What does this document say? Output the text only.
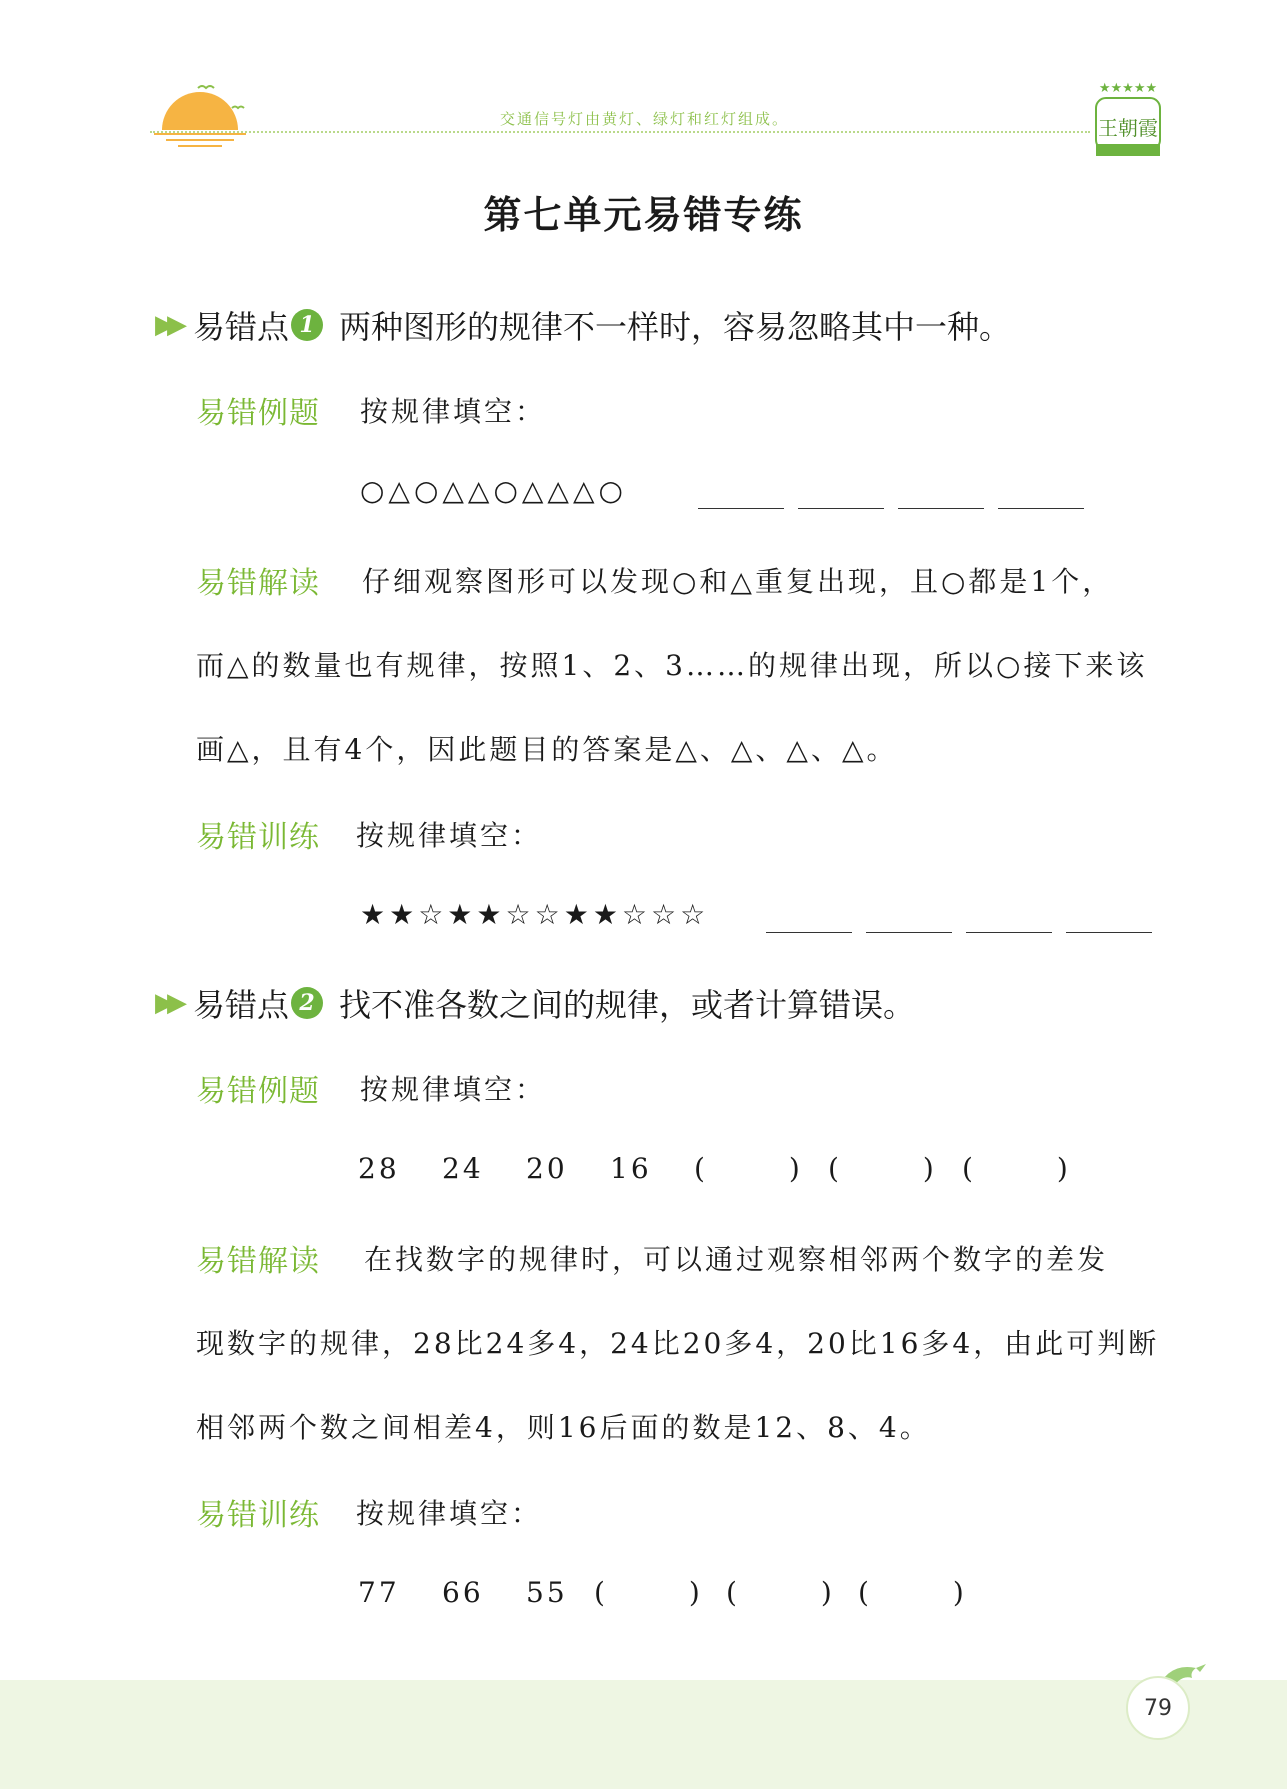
交通信号灯由黄灯、绿灯和红灯组成。
★★★★★
王朝霞
第七单元易错专练
▶▶ 易错点 1 两种图形的规律不一样时，容易忽略其中一种。
易错例题 按规律填空：
○△○△△○△△△○
易错解读 仔细观察图形可以发现○和△重复出现，且○都是1个，
而△的数量也有规律，按照1、2、3……的规律出现，所以○接下来该
画△，且有4个，因此题目的答案是△、△、△、△。
易错训练 按规律填空：
★★☆★★☆☆★★☆☆☆
▶▶ 易错点 2 找不准各数之间的规律，或者计算错误。
易错例题 按规律填空：
28 24 20 16 (   ) (   ) (   )
易错解读 在找数字的规律时，可以通过观察相邻两个数字的差发
现数字的规律，28比24多4，24比20多4，20比16多4，由此可判断
相邻两个数之间相差4，则16后面的数是12、8、4。
易错训练 按规律填空：
77 66 55 (   ) (   ) (   )
79
